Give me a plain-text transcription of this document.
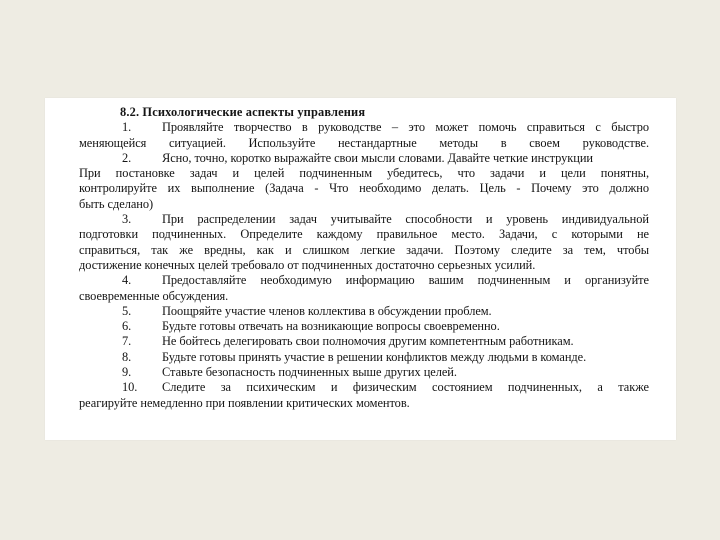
8.2. Психологические аспекты управления
1. Проявляйте творчество в руководстве – это может помочь справиться с быстро
меняющейся ситуацией. Используйте нестандартные методы в своем руководстве.
2. Ясно, точно, коротко выражайте свои мысли словами. Давайте четкие инструкции
При постановке задач и целей подчиненным убедитесь, что задачи и цели понятны,
контролируйте их выполнение (Задача - Что необходимо делать. Цель - Почему это должно
быть сделано)
3. При распределении задач учитывайте способности и уровень индивидуальной
подготовки подчиненных. Определите каждому правильное место. Задачи, с которыми не
справиться, так же вредны, как и слишком легкие задачи. Поэтому следите за тем, чтобы
достижение конечных целей требовало от подчиненных достаточно серьезных усилий.
4. Предоставляйте необходимую информацию вашим подчиненным и организуйте
своевременные обсуждения.
5. Поощряйте участие членов коллектива в обсуждении проблем.
6. Будьте готовы отвечать на возникающие вопросы своевременно.
7. Не бойтесь делегировать свои полномочия другим компетентным работникам.
8. Будьте готовы принять участие в решении конфликтов между людьми в команде.
9. Ставьте безопасность подчиненных выше других целей.
10. Следите за психическим и физическим состоянием подчиненных, а также
реагируйте немедленно при появлении критических моментов.
